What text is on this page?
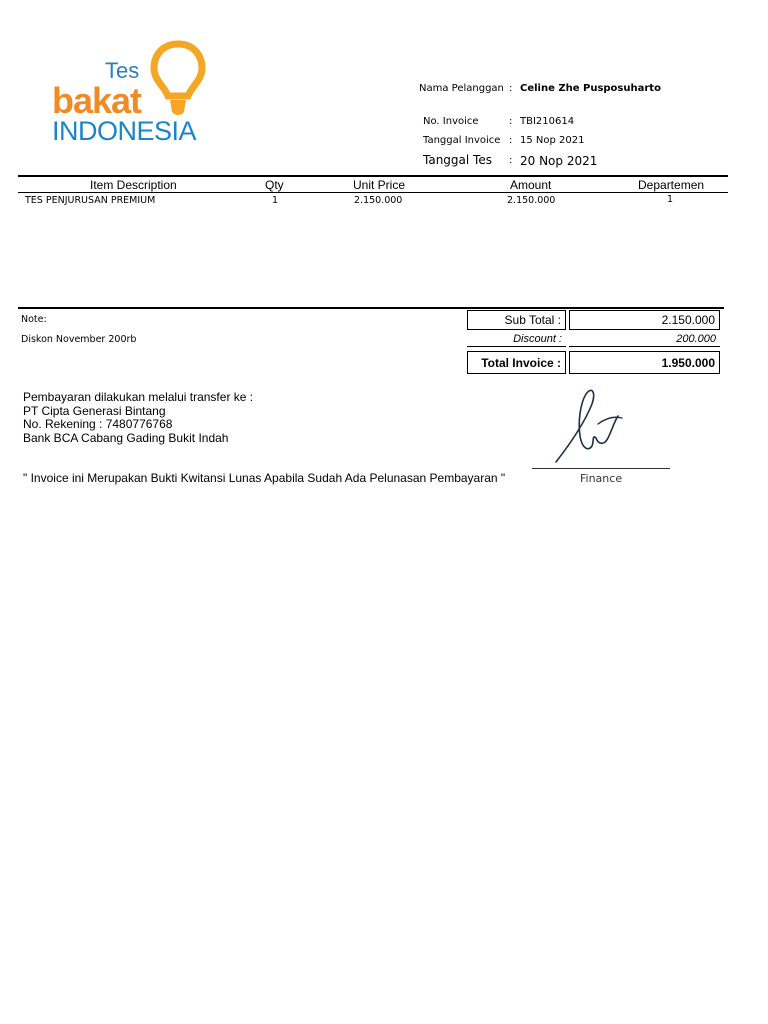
Tes
bakat
INDONESIA
Nama Pelanggan : Celine Zhe Pusposuharto
No. Invoice	: TBI210614
Tanggal Invoice : 15 Nop 2021
Tanggal Tes : 20 Nop 2021
Item Description	Qty	Unit Price	Amount	Departemen
TES PENJURUSAN PREMIUM	1	2.150.000	2.150.000	1
Note:
Diskon November 200rb
Sub Total :	2.150.000
Discount :	200.000
Total Invoice :	1.950.000
Pembayaran dilakukan melalui transfer ke :
PT Cipta Generasi Bintang
No. Rekening : 7480776768
Bank BCA Cabang Gading Bukit Indah
" Invoice ini Merupakan Bukti Kwitansi Lunas Apabila Sudah Ada Pelunasan Pembayaran "	Finance
